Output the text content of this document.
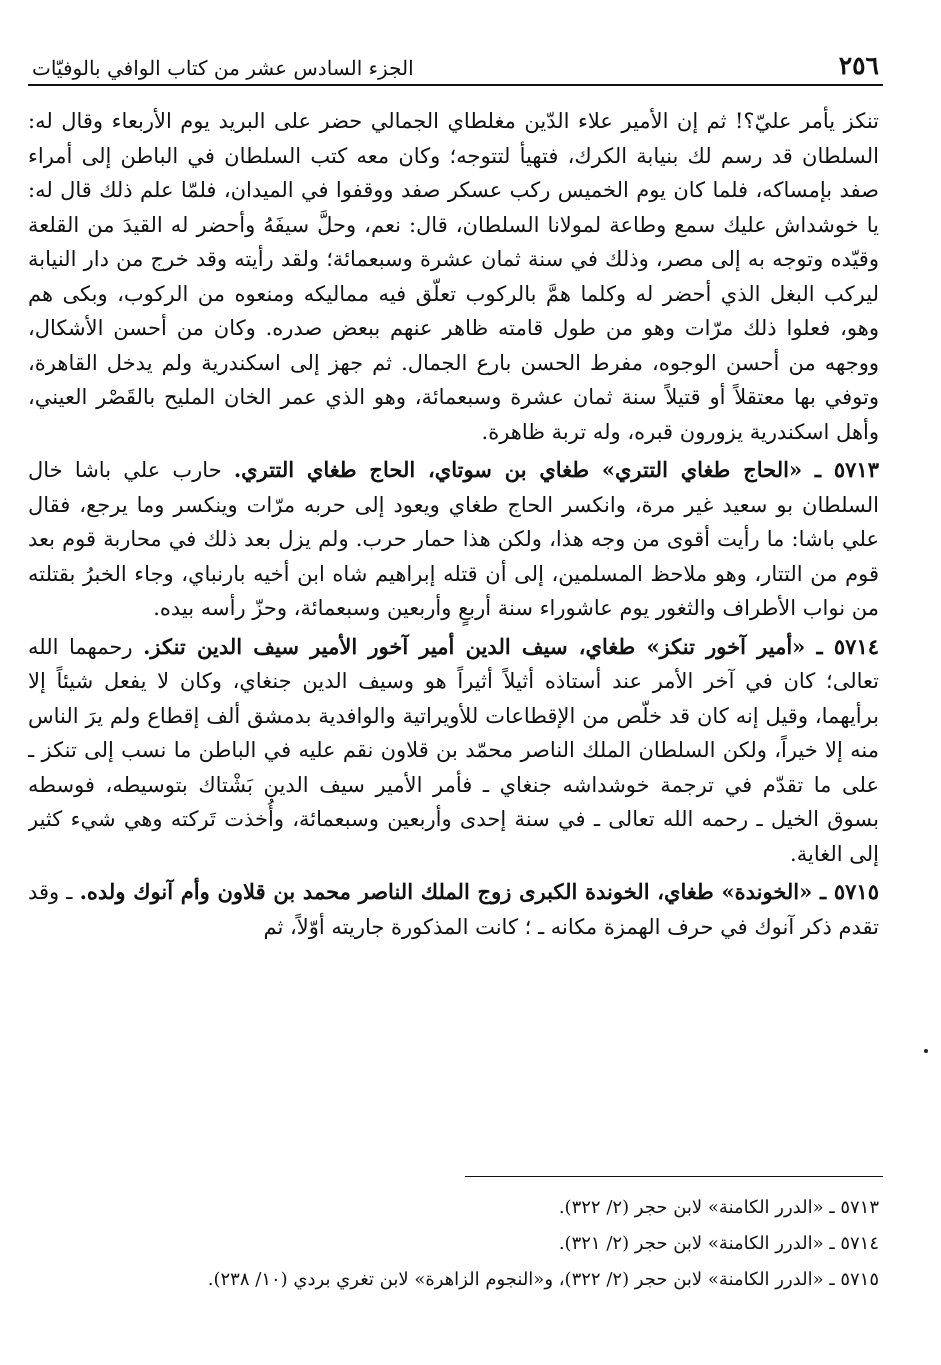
٢٥٦
الجزء السادس عشر من كتاب الوافي بالوفيّات

تنكز يأمر عليّ؟! ثم إن الأمير علاء الدّين مغلطاي الجمالي حضر على البريد يوم الأربعاء وقال له: السلطان قد رسم لك بنيابة الكرك، فتهيأ لتتوجه؛ وكان معه كتب السلطان في الباطن إلى أمراء صفد بإمساكه، فلما كان يوم الخميس ركب عسكر صفد ووقفوا في الميدان، فلمّا علم ذلك قال له: يا خوشداش عليك سمع وطاعة لمولانا السلطان، قال: نعم، وحلَّ سيفَهُ وأحضر له القيدَ من القلعة وقيّده وتوجه به إلى مصر، وذلك في سنة ثمان عشرة وسبعمائة؛ ولقد رأيته وقد خرج من دار النيابة ليركب البغل الذي أحضر له وكلما همَّ بالركوب تعلّق فيه مماليكه ومنعوه من الركوب، وبكى هم وهو، فعلوا ذلك مرّات وهو من طول قامته ظاهر عنهم ببعض صدره. وكان من أحسن الأشكال، ووجهه من أحسن الوجوه، مفرط الحسن بارع الجمال. ثم جهز إلى اسكندرية ولم يدخل القاهرة، وتوفي بها معتقلاً أو قتيلاً سنة ثمان عشرة وسبعمائة، وهو الذي عمر الخان المليح بالقَصْر العيني، وأهل اسكندرية يزورون قبره، وله تربة ظاهرة.

٥٧١٣ ـ «الحاج طغاي التتري» طغاي بن سوتاي، الحاج طغاي التتري. حارب علي باشا خال السلطان بو سعيد غير مرة، وانكسر الحاج طغاي ويعود إلى حربه مرّات وينكسر وما يرجع، فقال علي باشا: ما رأيت أقوى من وجه هذا، ولكن هذا حمار حرب. ولم يزل بعد ذلك في محاربة قوم بعد قوم من التتار، وهو ملاحظ المسلمين، إلى أن قتله إبراهيم شاه ابن أخيه بارنباي، وجاء الخبرُ بقتلته من نواب الأطراف والثغور يوم عاشوراء سنة أربعٍ وأربعين وسبعمائة، وحزّ رأسه بيده.

٥٧١٤ ـ «أمير آخور تنكز» طغاي، سيف الدين أمير آخور الأمير سيف الدين تنكز. رحمهما الله تعالى؛ كان في آخر الأمر عند أستاذه أثيلاً أثيراً هو وسيف الدين جنغاي، وكان لا يفعل شيئاً إلا برأيهما، وقيل إنه كان قد خلّص من الإقطاعات للأويراتية والوافدية بدمشق ألف إقطاع ولم يرَ الناس منه إلا خيراً، ولكن السلطان الملك الناصر محمّد بن قلاون نقم عليه في الباطن ما نسب إلى تنكز ـ على ما تقدّم في ترجمة خوشداشه جنغاي ـ فأمر الأمير سيف الدين بَشْتاك بتوسيطه، فوسطه بسوق الخيل ـ رحمه الله تعالى ـ في سنة إحدى وأربعين وسبعمائة، وأُخذت تَركته وهي شيء كثير إلى الغاية.

٥٧١٥ ـ «الخوندة» طغاي، الخوندة الكبرى زوج الملك الناصر محمد بن قلاون وأم آنوك ولده. ـ وقد تقدم ذكر آنوك في حرف الهمزة مكانه ـ ؛ كانت المذكورة جاريته أوّلاً، ثم

٥٧١٣ ـ «الدرر الكامنة» لابن حجر (٢/ ٣٢٢).

٥٧١٤ ـ «الدرر الكامنة» لابن حجر (٢/ ٣٢١).

٥٧١٥ ـ «الدرر الكامنة» لابن حجر (٢/ ٣٢٢)، و«النجوم الزاهرة» لابن تغري بردي (١٠/ ٢٣٨).
